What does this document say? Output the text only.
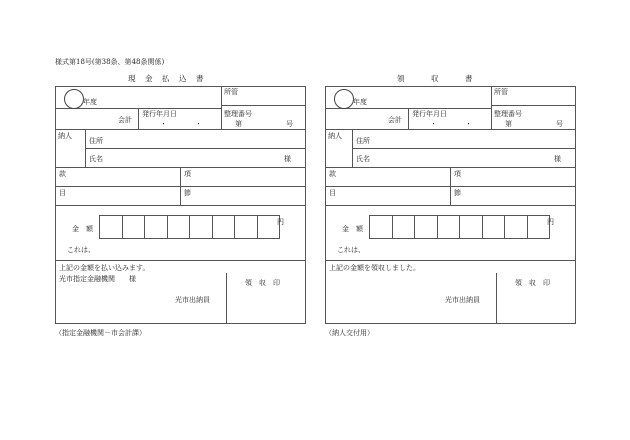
様式第18号(第38条、第48条関係)
現　金　払　込　書
年度
所管
会計
発行年月日
・	・
整理番号
第	号
納人
住所
氏名	様
款	項
目	節
金　額
円
これは、
上記の金額を払い込みます。
光市指定金融機関　　様	領　収　印
光市出納員
（指定金融機関－市会計課）
領　　　収　　　書
年度
所管
会計
発行年月日
・	・
整理番号
第	号
納人
住所
氏名	様
款	項
目	節
金　額
円
これは、
上記の金額を領収しました。
領　収　印
光市出納員
（納人交付用）
